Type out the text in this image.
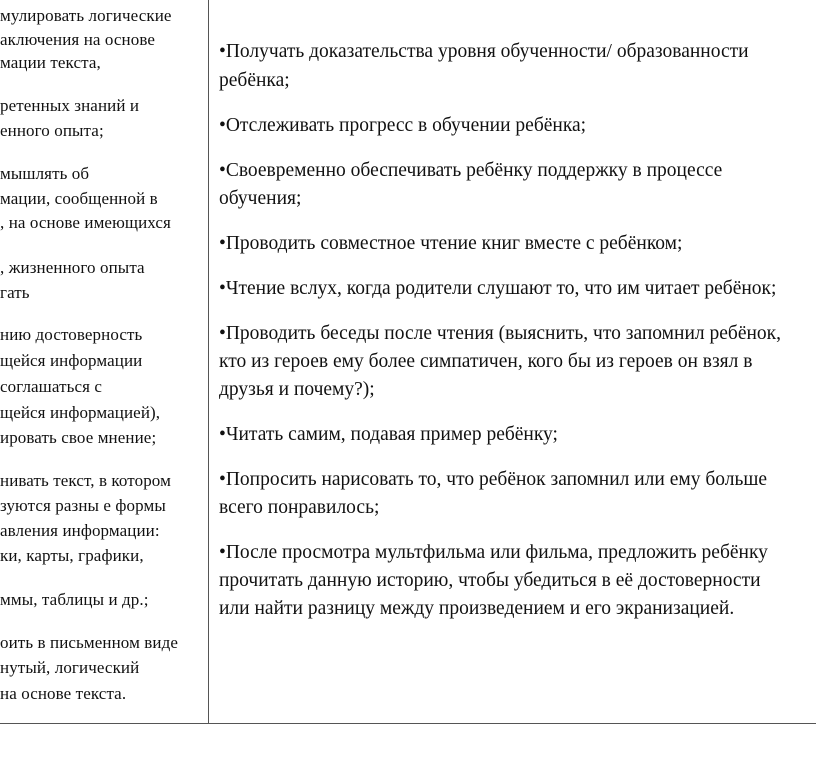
мулировать логические
аключения на основе
мации текста,
ретенных знаний и
енного опыта;
мышлять об
мации, сообщенной в
, на основе имеющихся
, жизненного опыта
гать
нию достоверность
щейся информации
соглашаться с
щейся информацией),
ировать свое мнение;
нивать текст, в котором
зуются разны е формы
авления информации:
ки, карты, графики,
ммы, таблицы и др.;
оить в письменном виде
нутый, логический
на основе текста.
•Получать доказательства уровня обученности/ образованности
ребёнка;
•Отслеживать прогресс в обучении ребёнка;
•Своевременно обеспечивать ребёнку поддержку в процессе
обучения;
•Проводить совместное чтение книг вместе с ребёнком;
•Чтение вслух, когда родители слушают то, что им читает ребёнок;
•Проводить беседы после чтения (выяснить, что запомнил ребёнок,
кто из героев ему более симпатичен, кого бы из героев он взял в
друзья и почему?);
•Читать самим, подавая пример ребёнку;
•Попросить нарисовать то, что ребёнок запомнил или ему больше
всего понравилось;
•После просмотра мультфильма или фильма, предложить ребёнку
прочитать данную историю, чтобы убедиться в её достоверности
или найти разницу между произведением и его экранизацией.
